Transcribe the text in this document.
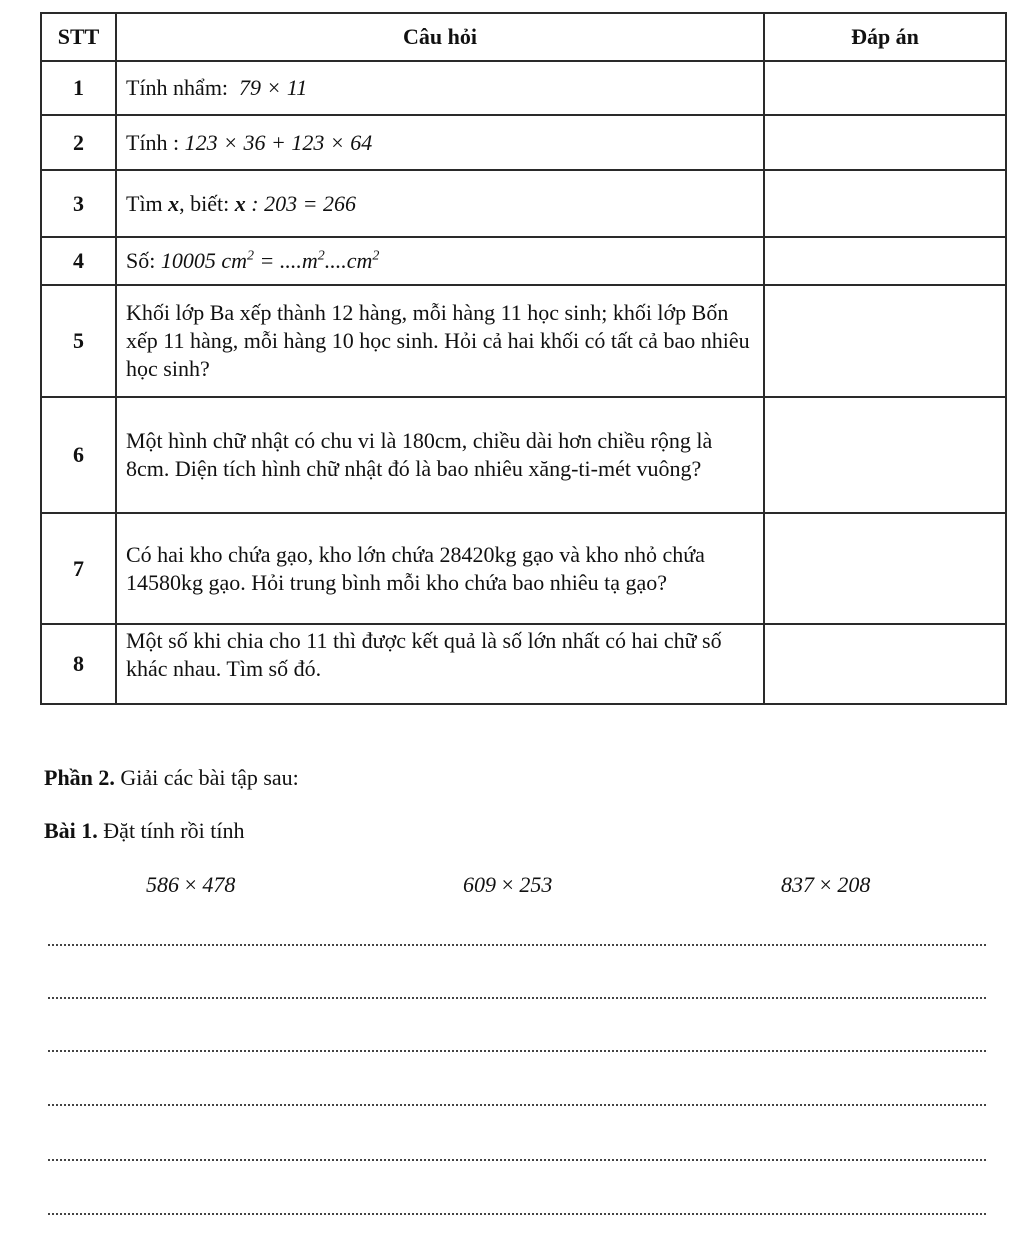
STT	Câu hỏi	Đáp án
1	Tính nhẩm: 79 × 11	
2	Tính : 123 × 36 + 123 × 64	
3	Tìm x, biết: x : 203 = 266	
4	Số: 10005 $cm^2 = ....m^2....cm^2$	
5	Khối lớp Ba xếp thành 12 hàng, mỗi hàng 11 học sinh; khối lớp Bốn xếp 11 hàng, mỗi hàng 10 học sinh. Hỏi cả hai khối có tất cả bao nhiêu học sinh?	
6	Một hình chữ nhật có chu vi là 180cm, chiều dài hơn chiều rộng là 8cm. Diện tích hình chữ nhật đó là bao nhiêu xăng-ti-mét vuông?	
7	Có hai kho chứa gạo, kho lớn chứa 28420kg gạo và kho nhỏ chứa 14580kg gạo. Hỏi trung bình mỗi kho chứa bao nhiêu tạ gạo?	
8	Một số khi chia cho 11 thì được kết quả là số lớn nhất có hai chữ số khác nhau. Tìm số đó.	
Phần 2. Giải các bài tập sau:
Bài 1. Đặt tính rồi tính
586 × 478	609 × 253	837 × 208
